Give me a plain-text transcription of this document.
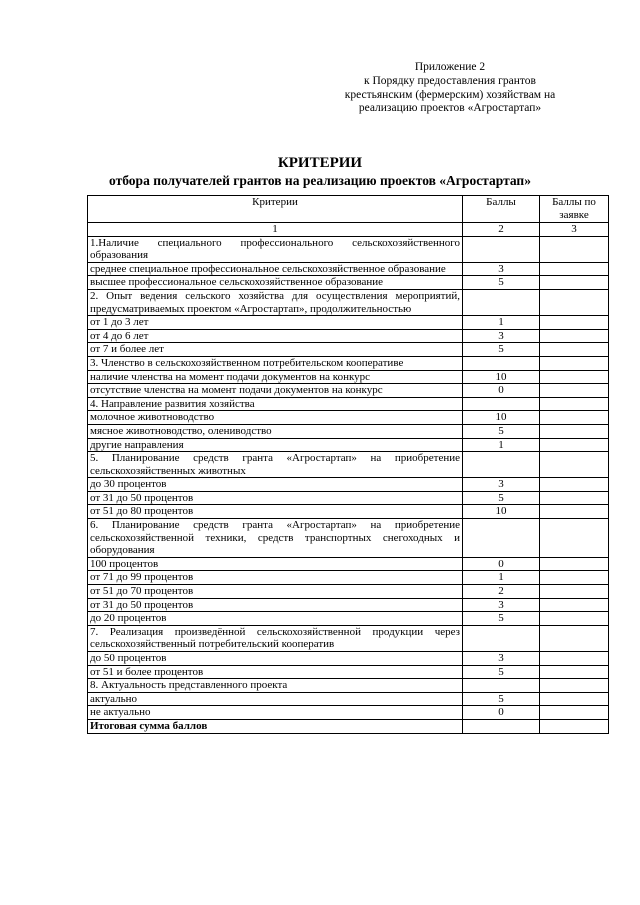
Приложение 2
к Порядку предоставления грантов
крестьянским (фермерским) хозяйствам на
реализацию проектов «Агростартап»
КРИТЕРИИ
отбора получателей грантов на реализацию проектов «Агростартап»
Критерии	Баллы	Баллы по заявке
1	2	3
1.Наличие специального профессионального сельскохозяйственного образования		
среднее специальное профессиональное сельскохозяйственное образование	3	
высшее профессиональное сельскохозяйственное образование	5	
2. Опыт ведения сельского хозяйства для осуществления мероприятий, предусматриваемых проектом «Агростартап», продолжительностью		
от 1 до 3 лет	1	
от 4 до 6 лет	3	
от 7 и более лет	5	
3. Членство в сельскохозяйственном потребительском кооперативе		
наличие членства на момент подачи документов на конкурс	10	
отсутствие членства на момент подачи документов на конкурс	0	
4. Направление развития хозяйства		
молочное животноводство	10	
мясное животноводство, олениводство	5	
другие направления	1	
5. Планирование средств гранта «Агростартап» на приобретение сельскохозяйственных животных		
до 30 процентов	3	
от 31 до 50 процентов	5	
от 51 до 80 процентов	10	
6. Планирование средств гранта «Агростартап» на приобретение сельскохозяйственной техники, средств транспортных снегоходных и оборудования		
100 процентов	0	
от 71 до 99 процентов	1	
от 51 до 70 процентов	2	
от 31 до 50 процентов	3	
до 20 процентов	5	
7. Реализация произведённой сельскохозяйственной продукции через сельскохозяйственный потребительский кооператив		
до 50 процентов	3	
от 51 и более процентов	5	
8. Актуальность представленного проекта		
актуально	5	
не актуально	0	
Итоговая сумма баллов		
